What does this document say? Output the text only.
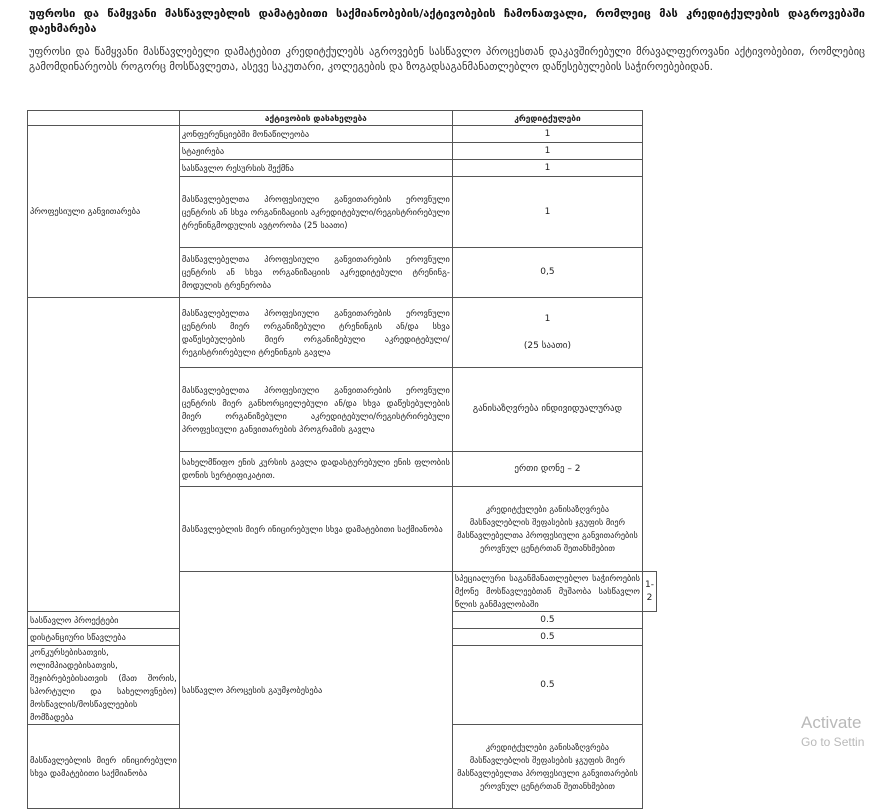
უფროსი და წამყვანი მასწავლებლის დამატებითი საქმიანობების/აქტივობების ჩამონათვალი, რომლეიც მას კრედიტქულების დაგროვებაში დაეხმარება

უფროსი და წამყვანი მასწავლებელი დამატებით კრედიტქულებს აგროვებენ სასწავლო პროცესთან დაკავშირებული მრავალფეროვანი აქტივობებით, რომლებიც გამომდინარეობს როგორც მოსწავლეთა, ასევე საკუთარი, კოლეგების და ზოგადსაგანმანათლებლო დაწესებულების საჭიროებებიდან.

	აქტივობის დასახელება	კრედიტქულები	
პროფესიული განვითარება	კონფერენციებში მონაწილეობა	1	
	სტაჟირება	1	
	სასწავლო რესურსის შექმნა	1	
	მასწავლებელთა პროფესიული განვითარების ეროვნული ცენტრის ან სხვა ორგანიზაციის აკრედიტებული/რეგისტრირებული ტრენინგმოდულის ავტორობა (25 საათი)	1	
	მასწავლებელთა პროფესიული განვითარების ეროვნული ცენტრის ან სხვა ორგანიზაციის აკრედიტებული ტრენინგ-მოდულის ტრენერობა	0,5	
	მასწავლებელთა პროფესიული განვითარების ეროვნული ცენტრის მიერ ორგანიზებული ტრენინგის ან/და სხვა დაწესებულების მიერ ორგანიზებული აკრედიტებული/რეგისტრირებული ტრენინგის გავლა	1
(25 საათი)	

	მასწავლებელთა პროფესიული განვითარების ეროვნული ცენტრის მიერ განხორციელებული ან/და სხვა დაწესებულების მიერ ორგანიზებული აკრედიტებული/რეგისტრირებული პროფესიული განვითარების პროგრამის გავლა	განისაზღვრება ინდივიდუალურად	
	სახელმწიფო ენის კურსის გავლა დადასტურებული ენის ფლობის დონის სერტიფიკატით.	ერთი დონე – 2	
	მასწავლებლის მიერ ინიცირებული სხვა დამატებითი საქმიანობა	კრედიტქულები განისაზღვრება მასწავლებლის შეფასების ჯგუფის მიერ მასწავლებელთა პროფესიული განვითარების ეროვნულ ცენტრთან შეთანხმებით	
	სასწავლო პროცესის გაუმჯობესება	სპეციალური საგანმანათლებლო საჭიროების მქონე მოსწავლეებთან მუშაობა სასწავლო წლის განმავლობაში	1-2
სასწავლო პროექტები		0.5	
დისტანციური სწავლება		0.5	
კონკურსებისათვის, ოლიმპიადებისათვის, შეჯიბრებებისათვის (მათ შორის, სპორტული და სახელოვნებო) მოსწავლის/მოსწავლეების მომზადება		0.5	
მასწავლებლის მიერ ინიცირებული სხვა დამატებითი საქმიანობა		კრედიტქულები განისაზღვრება მასწავლებლის შეფასების ჯგუფის მიერ მასწავლებელთა პროფესიული განვითარების ეროვნულ ცენტრთან შეთანხმებით	
Activate
Go to Settin
